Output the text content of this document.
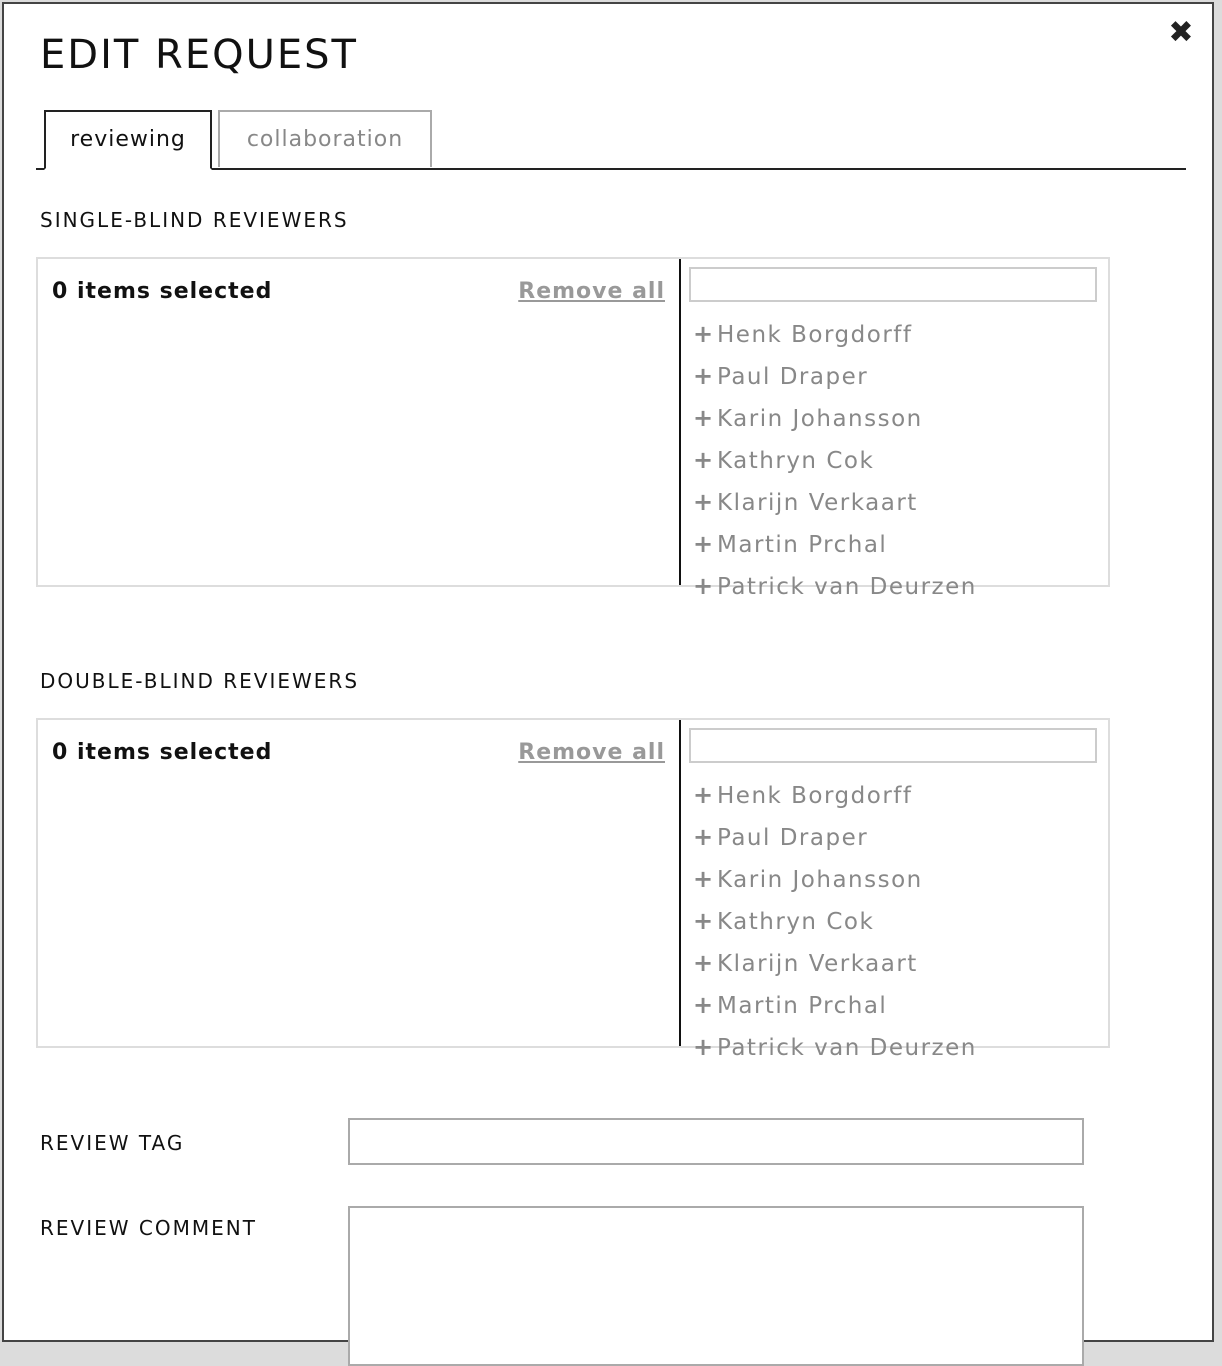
✖
EDIT REQUEST
reviewing	collaboration
SINGLE-BLIND REVIEWERS
0 items selected	Remove all
+ Henk Borgdorff
+ Paul Draper
+ Karin Johansson
+ Kathryn Cok
+ Klarijn Verkaart
+ Martin Prchal
+ Patrick van Deurzen
DOUBLE-BLIND REVIEWERS
0 items selected	Remove all
+ Henk Borgdorff
+ Paul Draper
+ Karin Johansson
+ Kathryn Cok
+ Klarijn Verkaart
+ Martin Prchal
+ Patrick van Deurzen
REVIEW TAG
REVIEW COMMENT
